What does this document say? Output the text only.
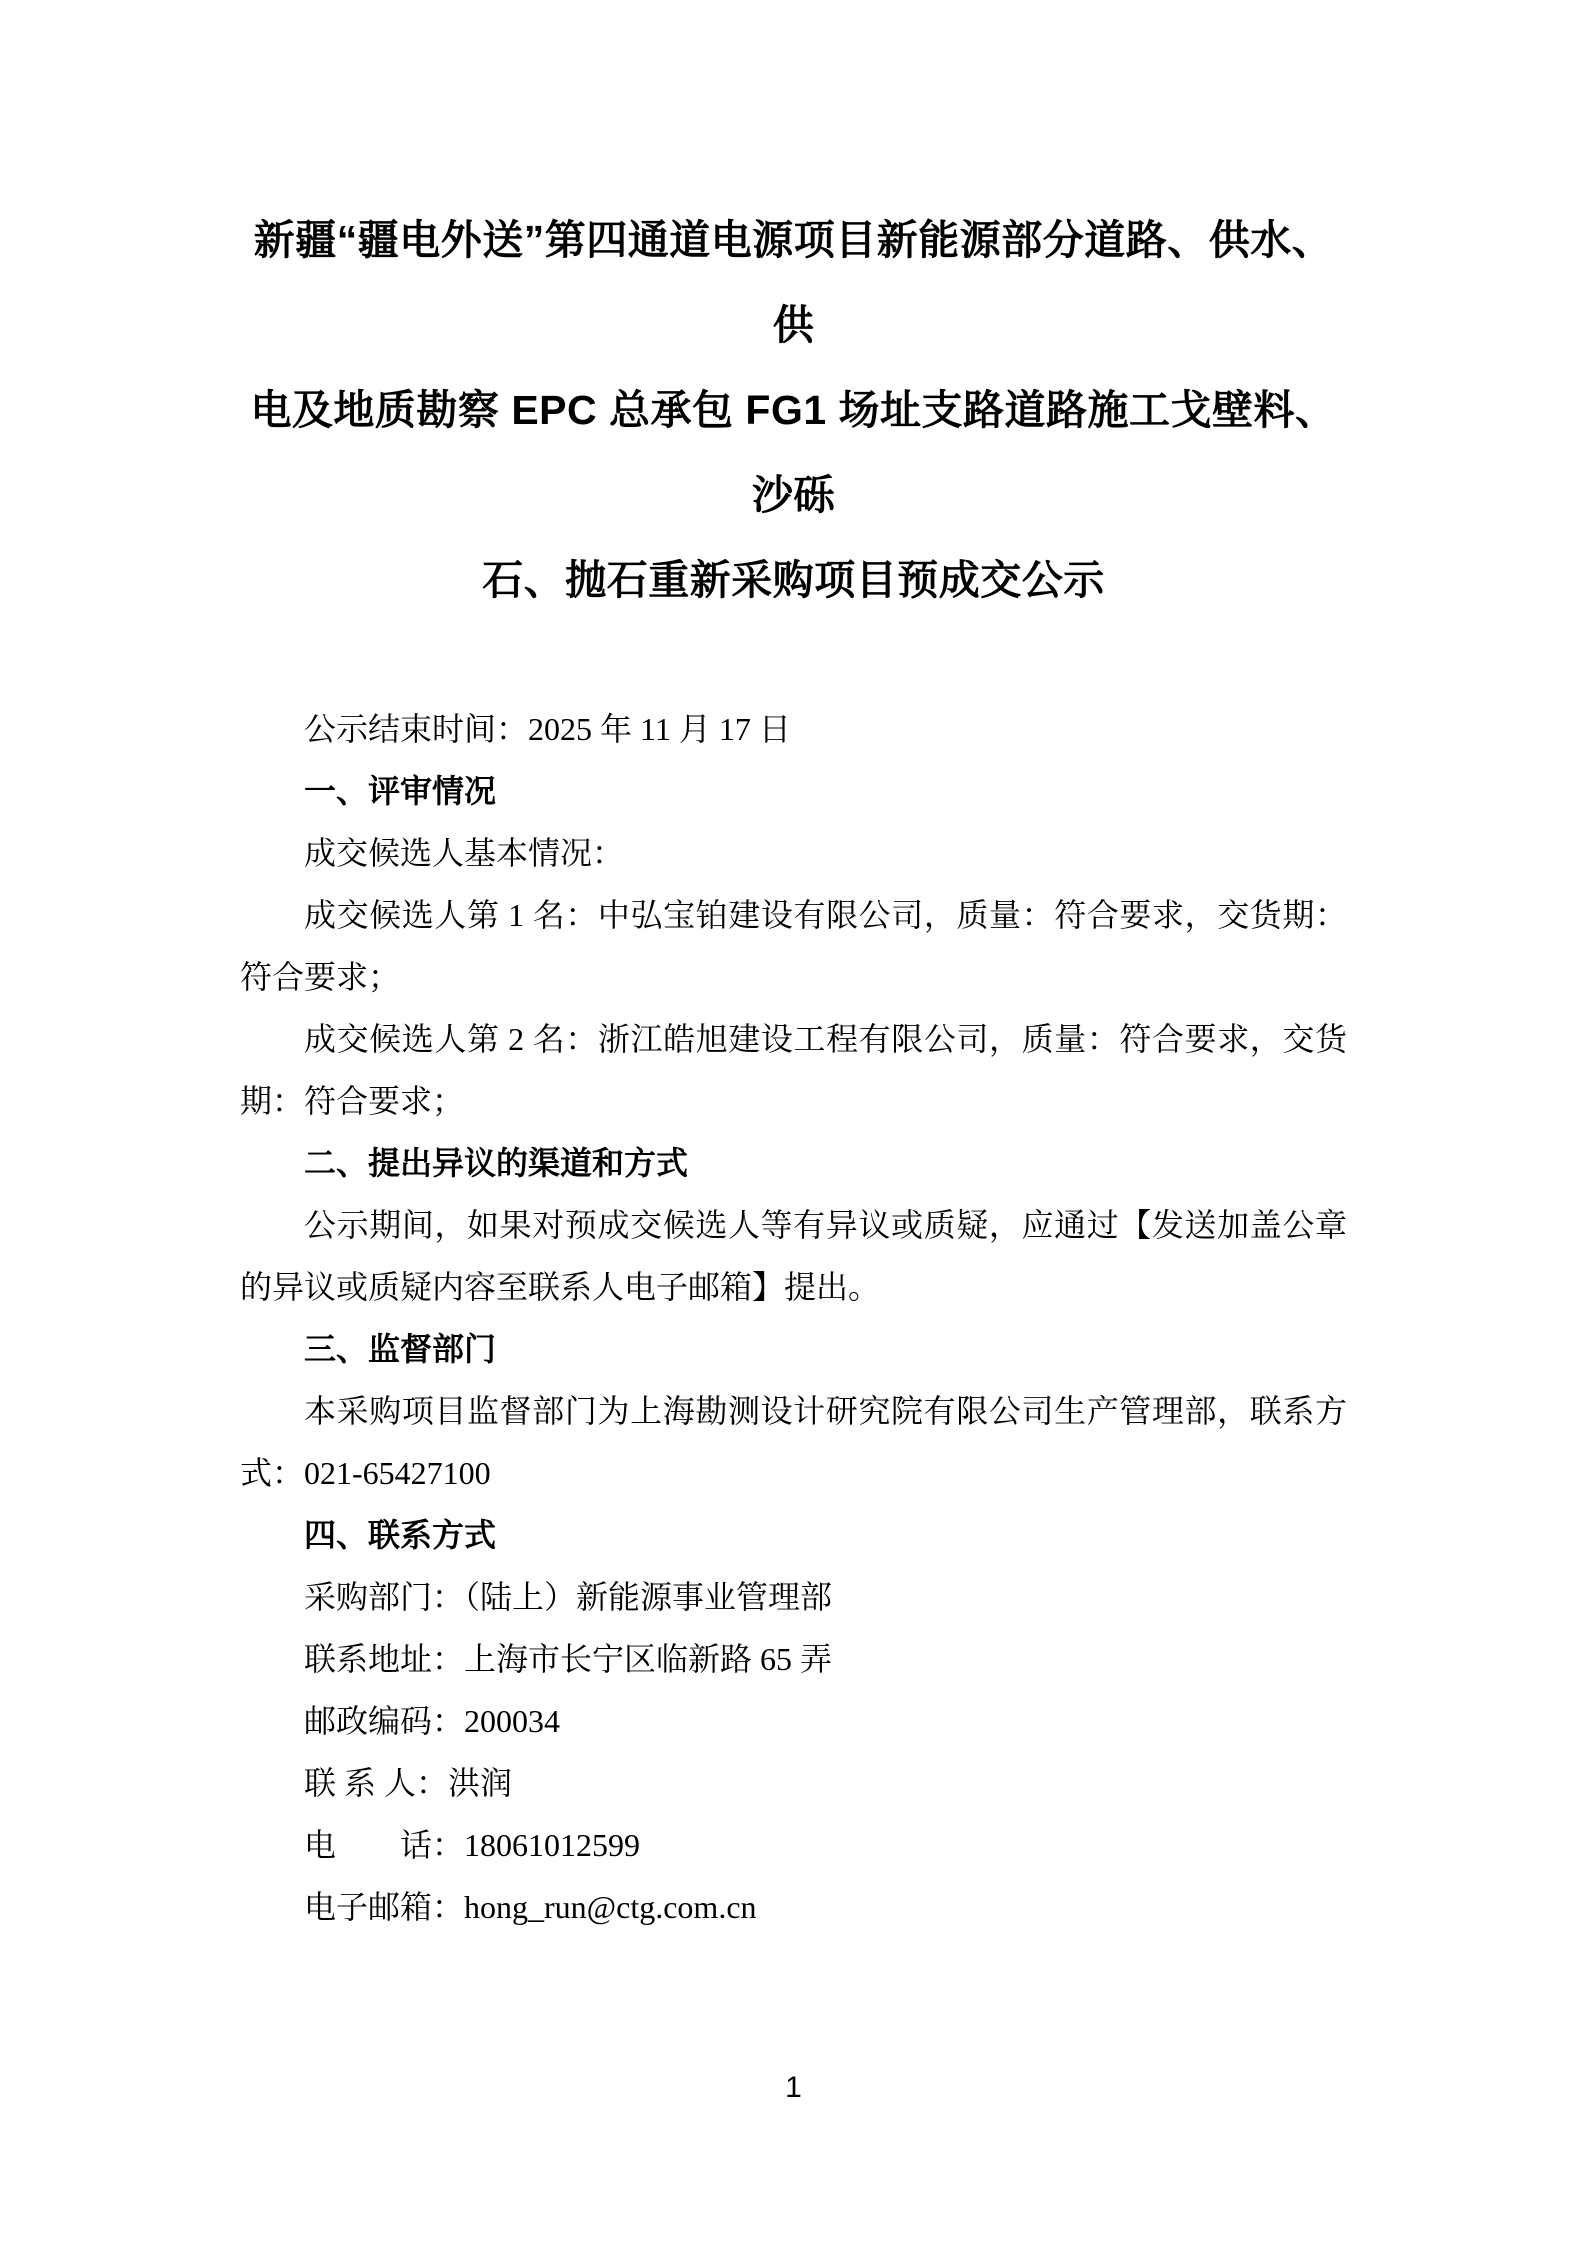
新疆“疆电外送”第四通道电源项目新能源部分道路、供水、供
电及地质勘察 EPC 总承包 FG1 场址支路道路施工戈壁料、沙砾
石、抛石重新采购项目预成交公示

公示结束时间：2025 年 11 月 17 日

一、评审情况

成交候选人基本情况：

成交候选人第 1 名：中弘宝铂建设有限公司，质量：符合要求，交货期：符合要求；

成交候选人第 2 名：浙江皓旭建设工程有限公司，质量：符合要求，交货期：符合要求；

二、提出异议的渠道和方式

公示期间，如果对预成交候选人等有异议或质疑，应通过【发送加盖公章的异议或质疑内容至联系人电子邮箱】提出。

三、监督部门

本采购项目监督部门为上海勘测设计研究院有限公司生产管理部，联系方式：021-65427100

四、联系方式

采购部门：（陆上）新能源事业管理部

联系地址：上海市长宁区临新路 65 弄

邮政编码：200034

联 系 人：洪润

电　　话：18061012599

电子邮箱：hong_run@ctg.com.cn

1
